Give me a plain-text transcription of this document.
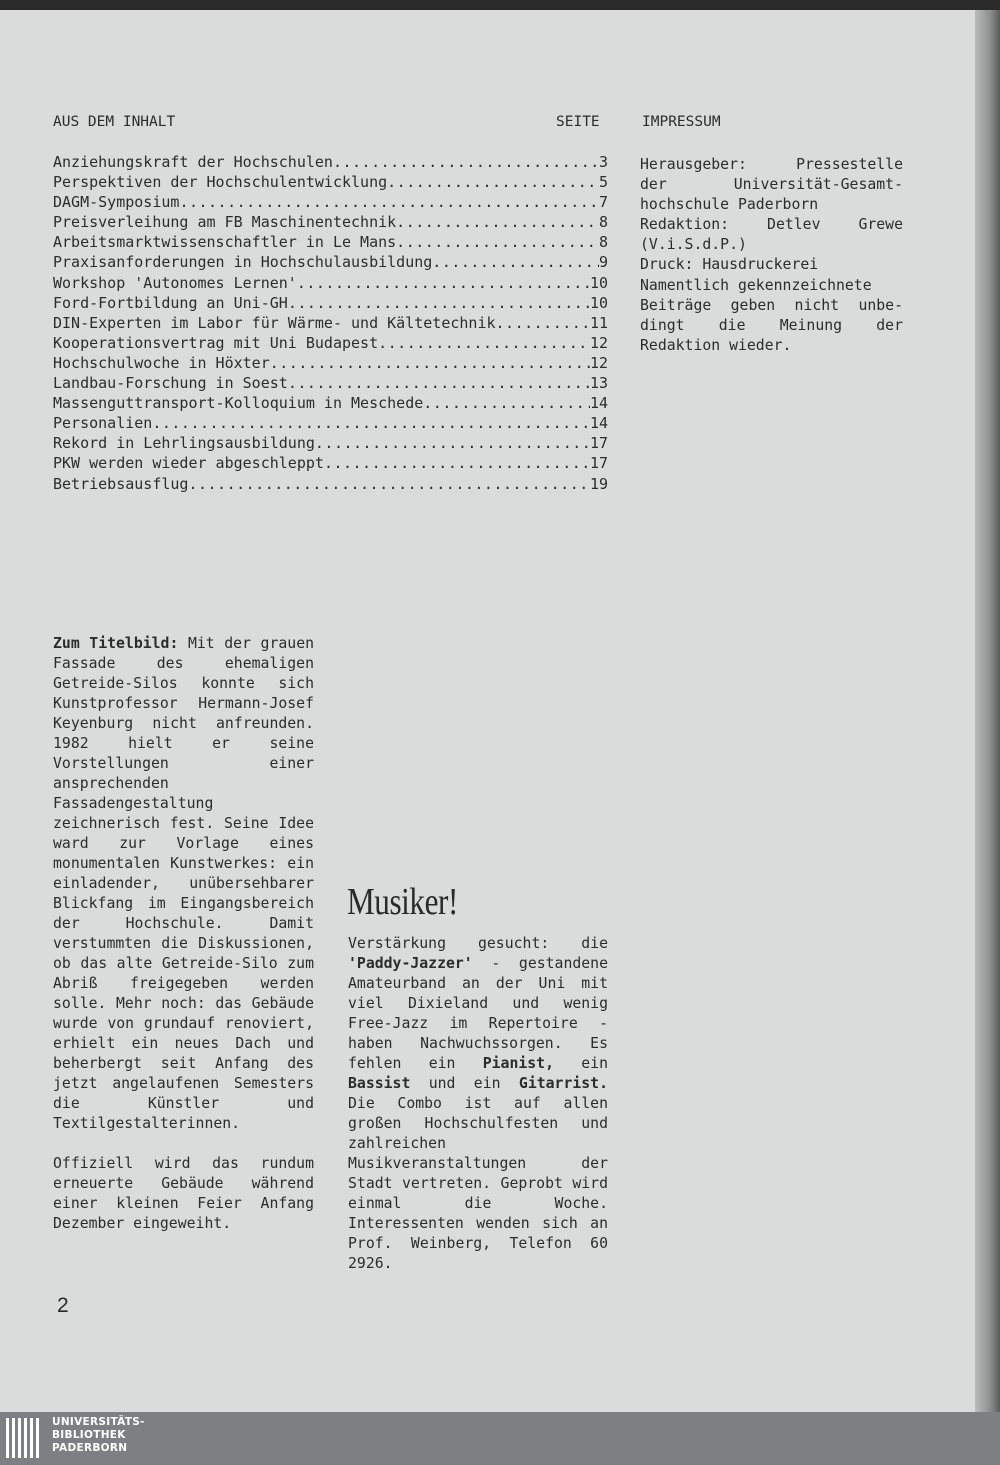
AUS DEM INHALT	SEITE	IMPRESSUM
Anziehungskraft der Hochschulen .....	3
Perspektiven der Hochschulentwicklung .....	5
DAGM-Symposium .....	7
Preisverleihung am FB Maschinentechnik .....	8
Arbeitsmarktwissenschaftler in Le Mans .....	8
Praxisanforderungen in Hochschulausbildung .....	9
Workshop 'Autonomes Lernen' .....	10
Ford-Fortbildung an Uni-GH .....	10
DIN-Experten im Labor für Wärme- und Kältetechnik .....	11
Kooperationsvertrag mit Uni Budapest .....	12
Hochschulwoche in Höxter .....	12
Landbau-Forschung in Soest .....	13
Massenguttransport-Kolloquium in Meschede .....	14
Personalien .....	14
Rekord in Lehrlingsausbildung .....	17
PKW werden wieder abgeschleppt .....	17
Betriebsausflug .....	19
Herausgeber: Pressestelle
der Universität-Gesamt-
hochschule Paderborn
Redaktion: Detlev Grewe
(V.i.S.d.P.)
Druck: Hausdruckerei
Namentlich gekennzeichnete
Beiträge geben nicht unbe-
dingt die Meinung der
Redaktion wieder.

Zum Titelbild: Mit der grauen Fassade des ehemaligen Getreide-Silos konnte sich Kunstprofessor Hermann-Josef Keyenburg nicht anfreunden. 1982 hielt er seine Vorstellungen einer ansprechenden Fassadengestaltung zeichnerisch fest. Seine Idee ward zur Vorlage eines monumentalen Kunstwerkes: ein einladender, unübersehbarer Blickfang im Eingangsbereich der Hochschule. Damit verstummten die Diskussionen, ob das alte Getreide-Silo zum Abriß freigegeben werden solle. Mehr noch: das Gebäude wurde von grundauf renoviert, erhielt ein neues Dach und beherbergt seit Anfang des jetzt angelaufenen Semesters die Künstler und Textilgestalterinnen.

Offiziell wird das rundum erneuerte Gebäude während einer kleinen Feier Anfang Dezember eingeweiht.

Musiker!

Verstärkung gesucht: die 'Paddy-Jazzer' - gestandene Amateurband an der Uni mit viel Dixieland und wenig Free-Jazz im Repertoire - haben Nachwuchssorgen. Es fehlen ein Pianist, ein Bassist und ein Gitarrist. Die Combo ist auf allen großen Hochschulfesten und zahlreichen Musikveranstaltungen der Stadt vertreten. Geprobt wird einmal die Woche. Interessenten wenden sich an Prof. Weinberg, Telefon 60 2926.

2
UNIVERSITÄTS-
BIBLIOTHEK
PADERBORN
